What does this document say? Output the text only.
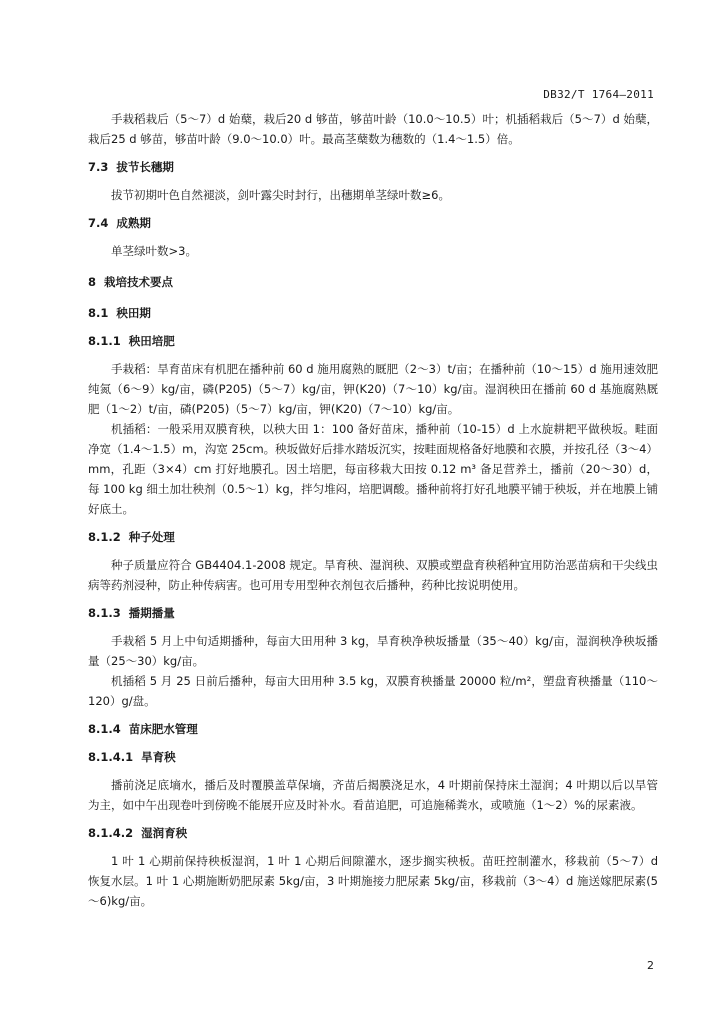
DB32/T 1764—2011

手栽稻栽后（5～7）d 始蘖，栽后20 d 够苗，够苗叶龄（10.0～10.5）叶；机插稻栽后（5～7）d 始蘖，栽后25 d 够苗，够苗叶龄（9.0～10.0）叶。最高茎蘖数为穗数的（1.4～1.5）倍。

7.3 拔节长穗期

拔节初期叶色自然褪淡，剑叶露尖时封行，出穗期单茎绿叶数≥6。

7.4 成熟期

单茎绿叶数>3。

8 栽培技术要点

8.1 秧田期

8.1.1 秧田培肥

手栽稻：旱育苗床有机肥在播种前 60 d 施用腐熟的厩肥（2～3）t/亩；在播种前（10～15）d 施用速效肥纯氮（6～9）kg/亩，磷(P205)（5～7）kg/亩，钾(K20)（7～10）kg/亩。湿润秧田在播前 60 d 基施腐熟厩肥（1～2）t/亩，磷(P205)（5～7）kg/亩，钾(K20)（7～10）kg/亩。

机插稻：一般采用双膜育秧，以秧大田 1：100 备好苗床，播种前（10-15）d 上水旋耕耙平做秧坂。畦面净宽（1.4～1.5）m，沟宽 25cm。秧坂做好后排水踏坂沉实，按畦面规格备好地膜和衣膜，并按孔径（3～4）mm，孔距（3×4）cm 打好地膜孔。因土培肥，每亩移栽大田按 0.12 m³ 备足营养土，播前（20～30）d，每 100 kg 细土加壮秧剂（0.5～1）kg，拌匀堆闷，培肥调酸。播种前将打好孔地膜平铺于秧坂，并在地膜上铺好底土。

8.1.2 种子处理

种子质量应符合 GB4404.1-2008 规定。旱育秧、湿润秧、双膜或塑盘育秧稻种宜用防治恶苗病和干尖线虫病等药剂浸种，防止种传病害。也可用专用型种衣剂包衣后播种，药种比按说明使用。

8.1.3 播期播量

手栽稻 5 月上中旬适期播种，每亩大田用种 3 kg，旱育秧净秧坂播量（35～40）kg/亩，湿润秧净秧坂播量（25～30）kg/亩。

机插稻 5 月 25 日前后播种，每亩大田用种 3.5 kg，双膜育秧播量 20000 粒/m²，塑盘育秧播量（110～120）g/盘。

8.1.4 苗床肥水管理

8.1.4.1 旱育秧

播前浇足底墒水，播后及时覆膜盖草保墒，齐苗后揭膜浇足水，4 叶期前保持床土湿润；4 叶期以后以旱管为主，如中午出现卷叶到傍晚不能展开应及时补水。看苗追肥，可追施稀粪水，或喷施（1～2）%的尿素液。

8.1.4.2 湿润育秧

1 叶 1 心期前保持秧板湿润，1 叶 1 心期后间隙灌水，逐步搁实秧板。苗旺控制灌水，移栽前（5～7）d 恢复水层。1 叶 1 心期施断奶肥尿素 5kg/亩，3 叶期施接力肥尿素 5kg/亩，移栽前（3～4）d 施送嫁肥尿素(5～6)kg/亩。

2
